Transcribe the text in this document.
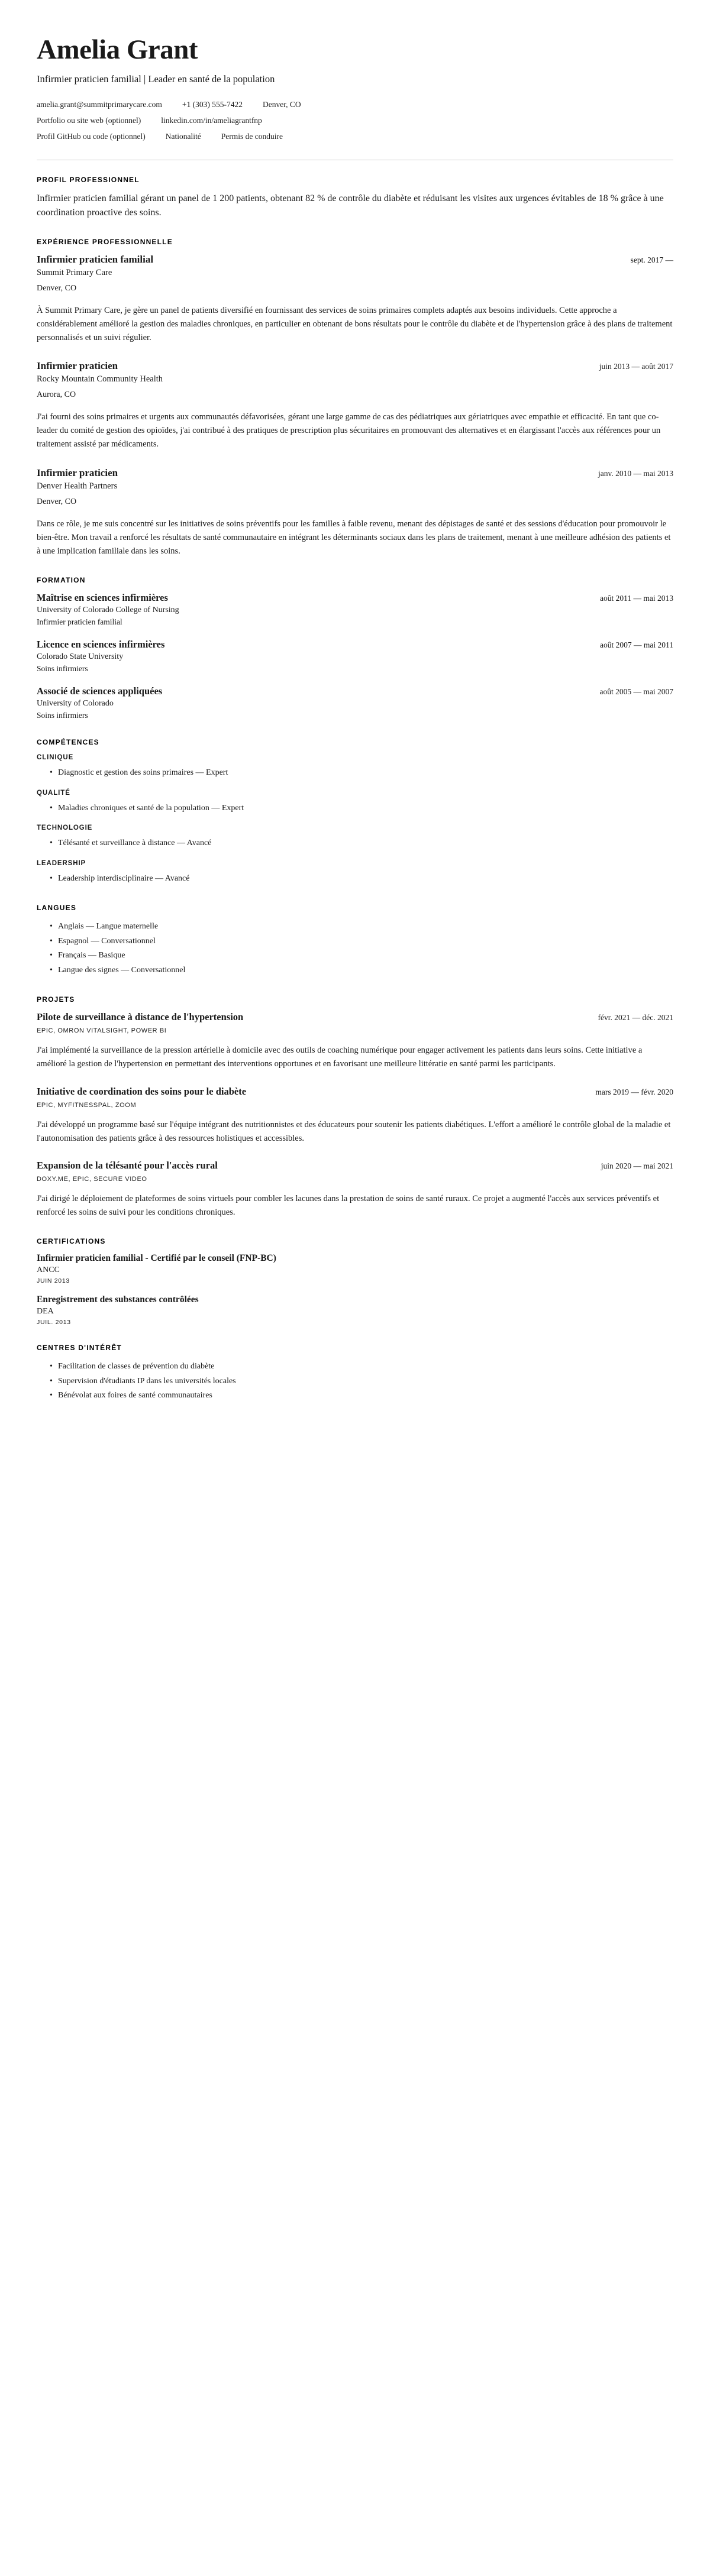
Amelia Grant
Infirmier praticien familial | Leader en santé de la population
amelia.grant@summitprimarycare.com	+1 (303) 555-7422	Denver, CO
Portfolio ou site web (optionnel)	linkedin.com/in/ameliagrantfnp
Profil GitHub ou code (optionnel)	Nationalité	Permis de conduire
PROFIL PROFESSIONNEL

Infirmier praticien familial gérant un panel de 1 200 patients, obtenant 82 % de contrôle du diabète et réduisant les visites aux urgences évitables de 18 % grâce à une coordination proactive des soins.

EXPÉRIENCE PROFESSIONNELLE
Infirmier praticien familial	sept. 2017 —

Summit Primary Care

Denver, CO

À Summit Primary Care, je gère un panel de patients diversifié en fournissant des services de soins primaires complets adaptés aux besoins individuels. Cette approche a considérablement amélioré la gestion des maladies chroniques, en particulier en obtenant de bons résultats pour le contrôle du diabète et de l'hypertension grâce à des plans de traitement personnalisés et un suivi régulier.

Infirmier praticien	juin 2013 — août 2017

Rocky Mountain Community Health

Aurora, CO

J'ai fourni des soins primaires et urgents aux communautés défavorisées, gérant une large gamme de cas des pédiatriques aux gériatriques avec empathie et efficacité. En tant que co-leader du comité de gestion des opioïdes, j'ai contribué à des pratiques de prescription plus sécuritaires en promouvant des alternatives et en élargissant l'accès aux références pour un traitement assisté par médicaments.

Infirmier praticien	janv. 2010 — mai 2013

Denver Health Partners

Denver, CO

Dans ce rôle, je me suis concentré sur les initiatives de soins préventifs pour les familles à faible revenu, menant des dépistages de santé et des sessions d'éducation pour promouvoir le bien-être. Mon travail a renforcé les résultats de santé communautaire en intégrant les déterminants sociaux dans les plans de traitement, menant à une meilleure adhésion des patients et à une implication familiale dans les soins.

FORMATION
Maîtrise en sciences infirmières	août 2011 — mai 2013

University of Colorado College of Nursing

Infirmier praticien familial

Licence en sciences infirmières	août 2007 — mai 2011

Colorado State University

Soins infirmiers

Associé de sciences appliquées	août 2005 — mai 2007

University of Colorado

Soins infirmiers

COMPÉTENCES
CLINIQUE
• Diagnostic et gestion des soins primaires — Expert
QUALITÉ
• Maladies chroniques et santé de la population — Expert
TECHNOLOGIE
• Télésanté et surveillance à distance — Avancé
LEADERSHIP
• Leadership interdisciplinaire — Avancé
LANGUES
• Anglais — Langue maternelle
• Espagnol — Conversationnel
• Français — Basique
• Langue des signes — Conversationnel
PROJETS
Pilote de surveillance à distance de l'hypertension	févr. 2021 — déc. 2021

EPIC, OMRON VITALSIGHT, POWER BI

J'ai implémenté la surveillance de la pression artérielle à domicile avec des outils de coaching numérique pour engager activement les patients dans leurs soins. Cette initiative a amélioré la gestion de l'hypertension en permettant des interventions opportunes et en favorisant une meilleure littératie en santé parmi les participants.

Initiative de coordination des soins pour le diabète	mars 2019 — févr. 2020

EPIC, MYFITNESSPAL, ZOOM

J'ai développé un programme basé sur l'équipe intégrant des nutritionnistes et des éducateurs pour soutenir les patients diabétiques. L'effort a amélioré le contrôle global de la maladie et l'autonomisation des patients grâce à des ressources holistiques et accessibles.

Expansion de la télésanté pour l'accès rural	juin 2020 — mai 2021

DOXY.ME, EPIC, SECURE VIDEO

J'ai dirigé le déploiement de plateformes de soins virtuels pour combler les lacunes dans la prestation de soins de santé ruraux. Ce projet a augmenté l'accès aux services préventifs et renforcé les soins de suivi pour les conditions chroniques.

CERTIFICATIONS
Infirmier praticien familial - Certifié par le conseil (FNP-BC)

ANCC

JUIN 2013

Enregistrement des substances contrôlées

DEA

JUIL. 2013

CENTRES D'INTÉRÊT
• Facilitation de classes de prévention du diabète
• Supervision d'étudiants IP dans les universités locales
• Bénévolat aux foires de santé communautaires
